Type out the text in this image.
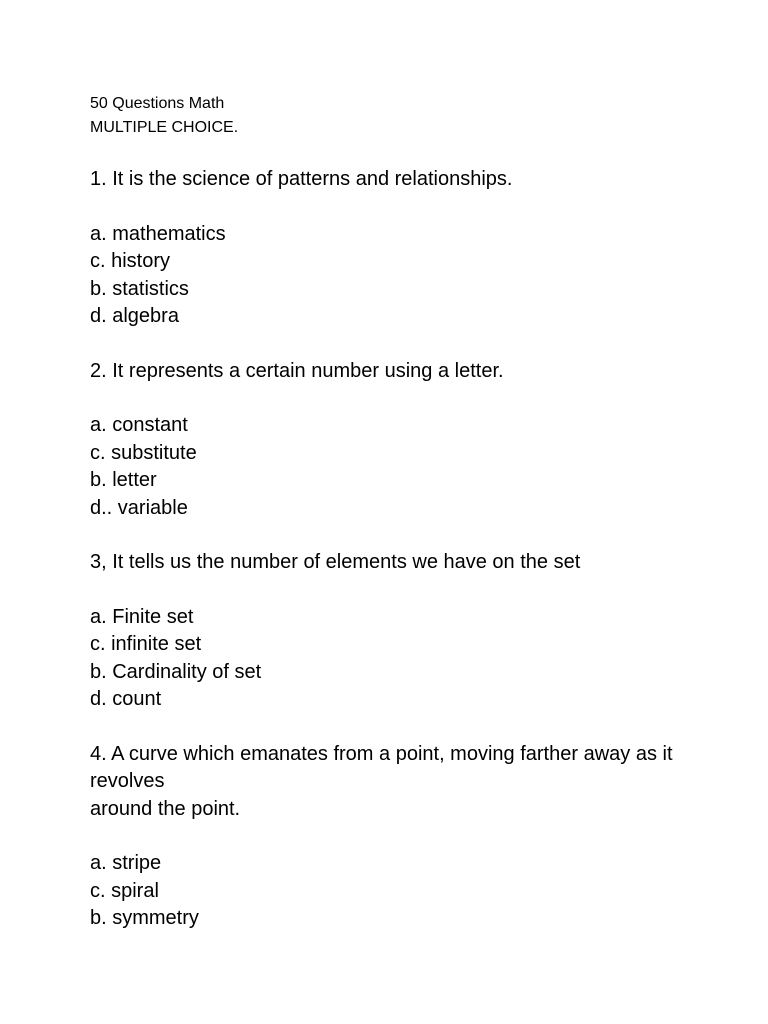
50 Questions Math

MULTIPLE CHOICE.

1. It is the science of patterns and relationships.

a. mathematics
c. history
b. statistics
d. algebra

2. It represents a certain number using a letter.

a. constant
c. substitute
b. letter
d.. variable

3, It tells us the number of elements we have on the set

a. Finite set
c. infinite set
b. Cardinality of set
d. count

4. A curve which emanates from a point, moving farther away as it

revolves

around the point.

a. stripe
c. spiral
b. symmetry
